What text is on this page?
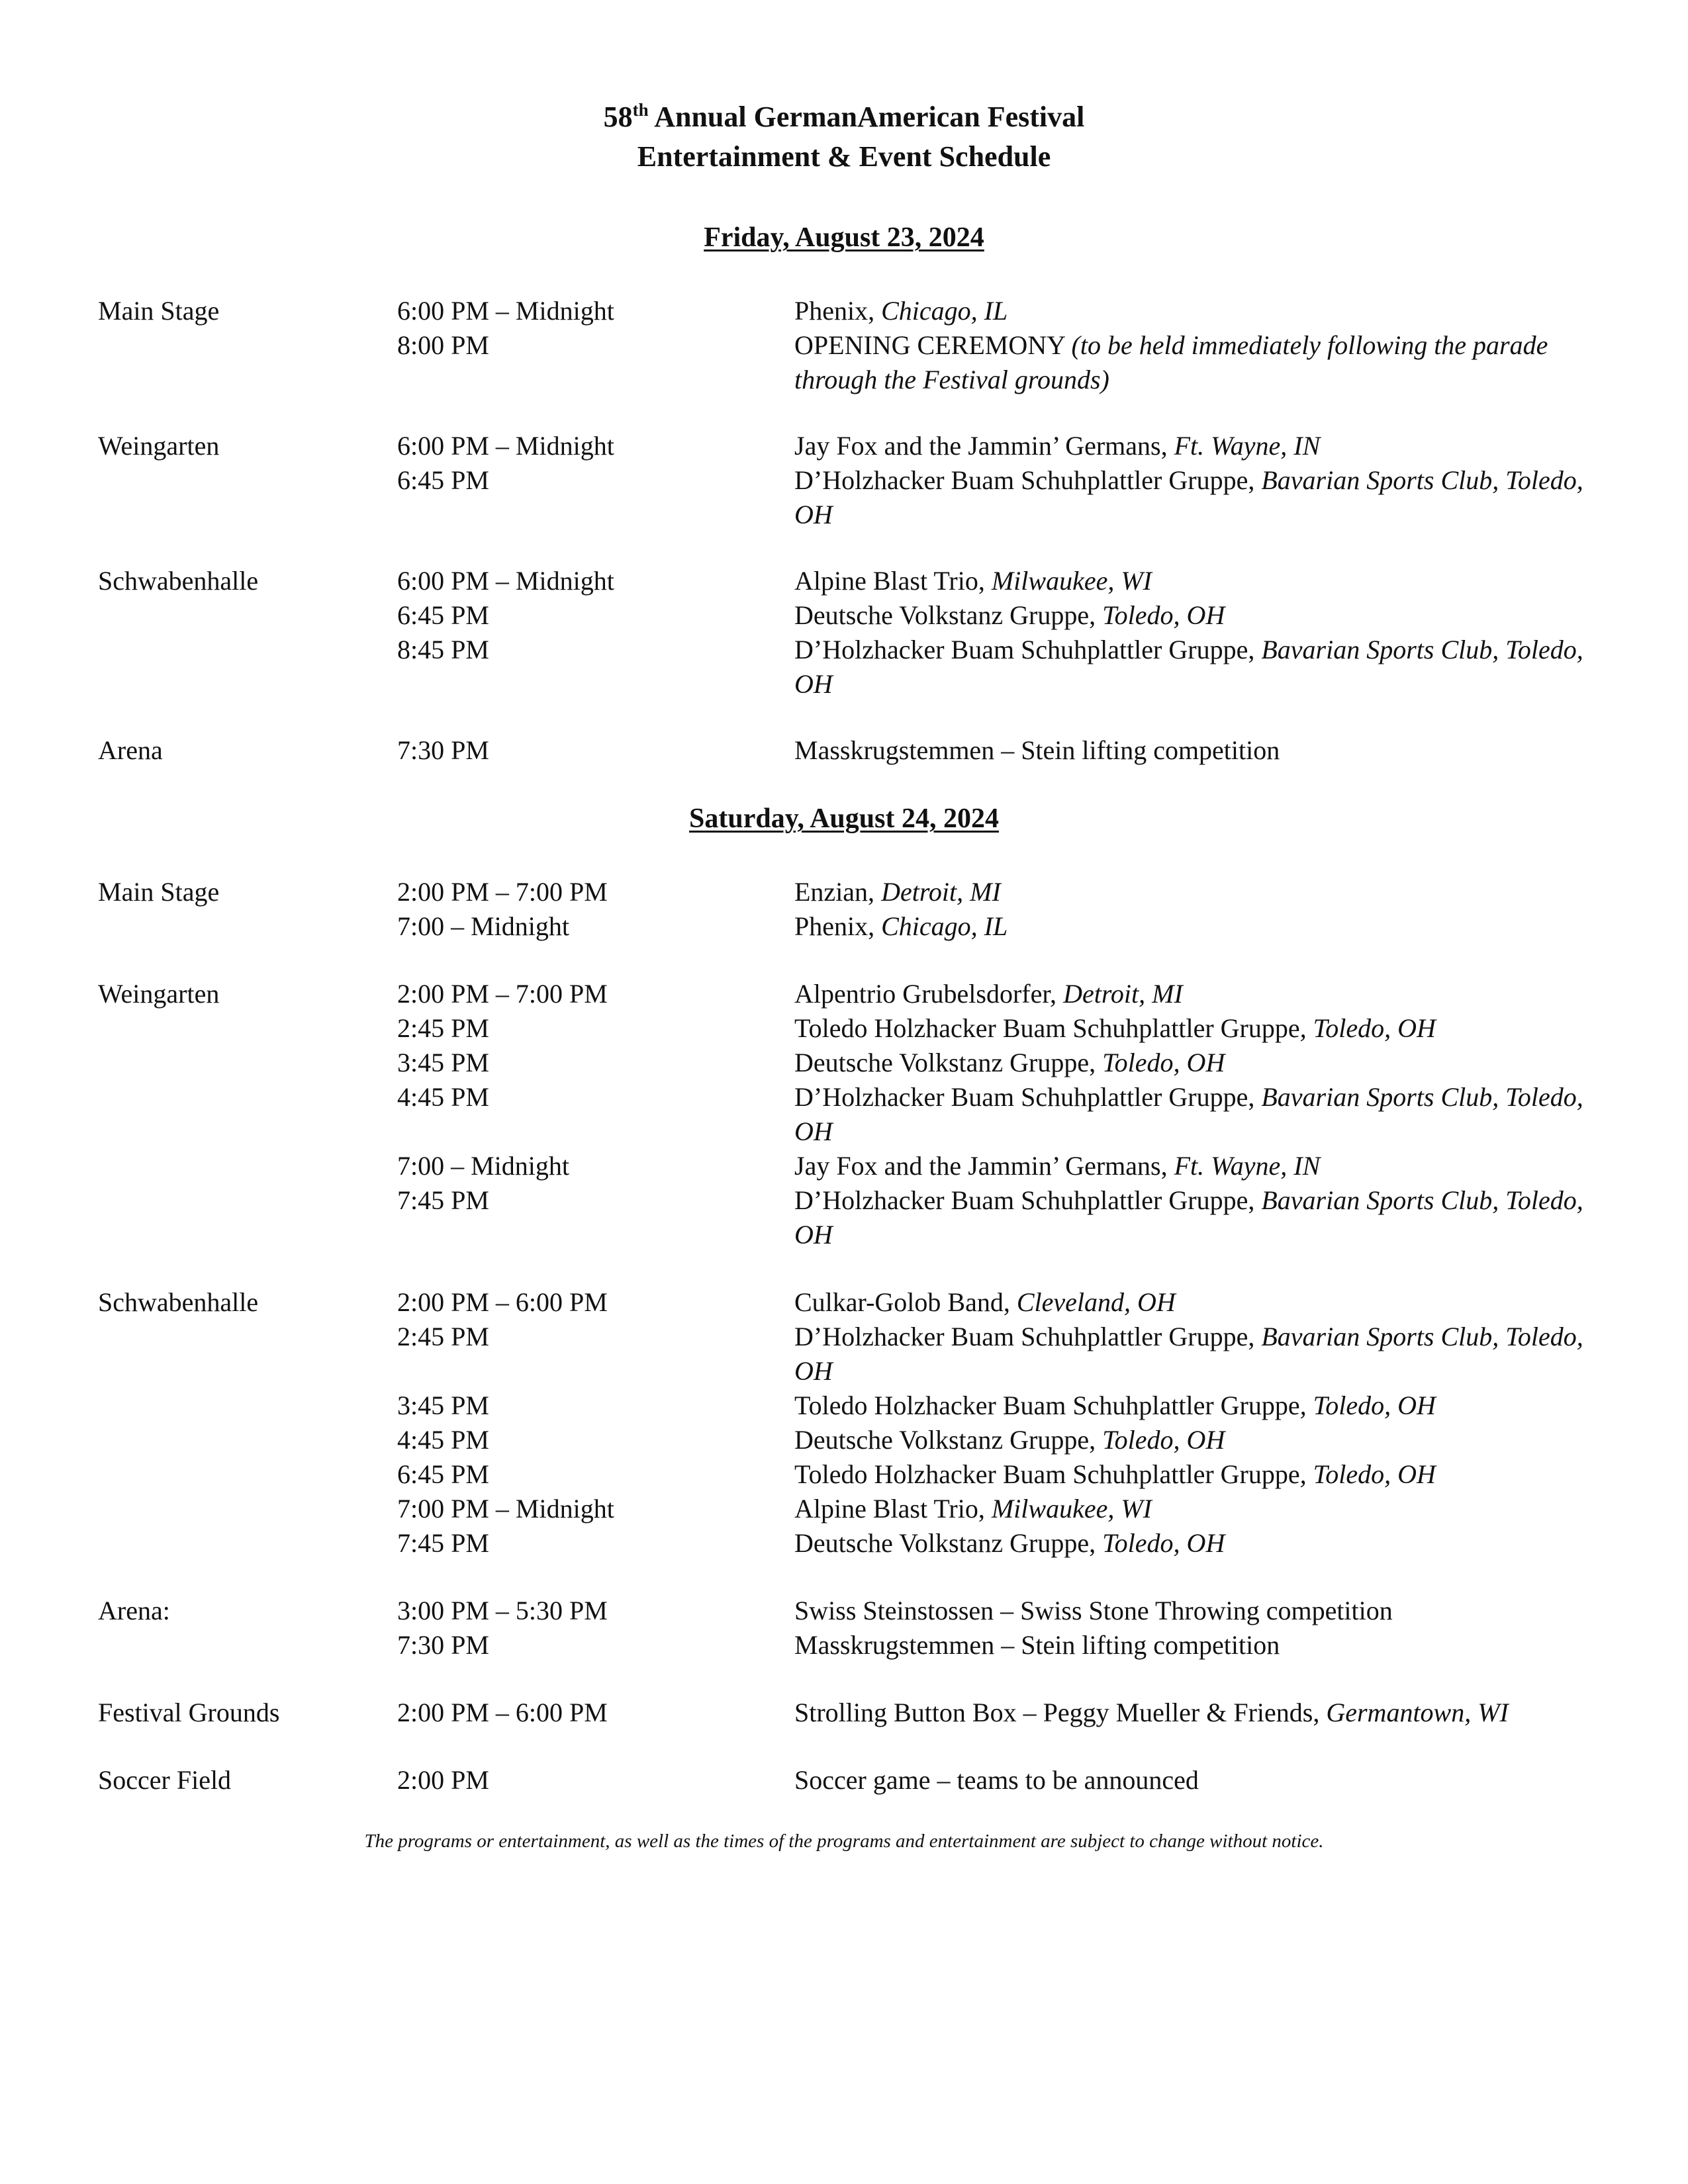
58th Annual GermanAmerican Festival
Entertainment & Event Schedule
Friday, August 23, 2024
Main Stage	6:00 PM – Midnight	Phenix, Chicago, IL
8:00 PM	OPENING CEREMONY (to be held immediately following the parade through the Festival grounds)
Weingarten	6:00 PM – Midnight	Jay Fox and the Jammin’ Germans, Ft. Wayne, IN
6:45 PM	D’Holzhacker Buam Schuhplattler Gruppe, Bavarian Sports Club, Toledo, OH
Schwabenhalle	6:00 PM – Midnight	Alpine Blast Trio, Milwaukee, WI
6:45 PM	Deutsche Volkstanz Gruppe, Toledo, OH
8:45 PM	D’Holzhacker Buam Schuhplattler Gruppe, Bavarian Sports Club, Toledo, OH
Arena	7:30 PM	Masskrugstemmen – Stein lifting competition
Saturday, August 24, 2024
Main Stage	2:00 PM – 7:00 PM	Enzian, Detroit, MI
7:00 – Midnight	Phenix, Chicago, IL
Weingarten	2:00 PM – 7:00 PM	Alpentrio Grubelsdorfer, Detroit, MI
2:45 PM	Toledo Holzhacker Buam Schuhplattler Gruppe, Toledo, OH
3:45 PM	Deutsche Volkstanz Gruppe, Toledo, OH
4:45 PM	D’Holzhacker Buam Schuhplattler Gruppe, Bavarian Sports Club, Toledo, OH
7:00 – Midnight	Jay Fox and the Jammin’ Germans, Ft. Wayne, IN
7:45 PM	D’Holzhacker Buam Schuhplattler Gruppe, Bavarian Sports Club, Toledo, OH
Schwabenhalle	2:00 PM – 6:00 PM	Culkar-Golob Band, Cleveland, OH
2:45 PM	D’Holzhacker Buam Schuhplattler Gruppe, Bavarian Sports Club, Toledo, OH
3:45 PM	Toledo Holzhacker Buam Schuhplattler Gruppe, Toledo, OH
4:45 PM	Deutsche Volkstanz Gruppe, Toledo, OH
6:45 PM	Toledo Holzhacker Buam Schuhplattler Gruppe, Toledo, OH
7:00 PM – Midnight	Alpine Blast Trio, Milwaukee, WI
7:45 PM	Deutsche Volkstanz Gruppe, Toledo, OH
Arena:	3:00 PM – 5:30 PM	Swiss Steinstossen – Swiss Stone Throwing competition
7:30 PM	Masskrugstemmen – Stein lifting competition
Festival Grounds	2:00 PM – 6:00 PM	Strolling Button Box – Peggy Mueller & Friends, Germantown, WI
Soccer Field	2:00 PM	Soccer game – teams to be announced
The programs or entertainment, as well as the times of the programs and entertainment are subject to change without notice.
